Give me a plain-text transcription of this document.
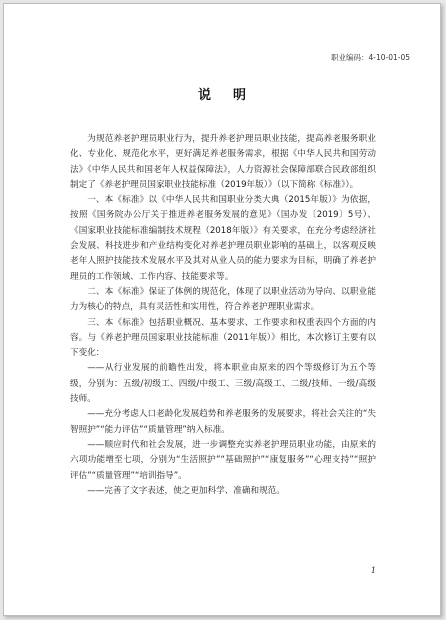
职业编码：4-10-01-05
说明

为规范养老护理员职业行为，提升养老护理员职业技能，提高养老服务职业化、专业化、规范化水平，更好满足养老服务需求，根据《中华人民共和国劳动法》《中华人民共和国老年人权益保障法》，人力资源社会保障部联合民政部组织制定了《养老护理员国家职业技能标准（2019年版）》（以下简称《标准》）。

一、本《标准》以《中华人民共和国职业分类大典（2015年版）》为依据，按照《国务院办公厅关于推进养老服务发展的意见》（国办发〔2019〕5号）、《国家职业技能标准编制技术规程（2018年版）》有关要求，在充分考虑经济社会发展、科技进步和产业结构变化对养老护理员职业影响的基础上，以客观反映老年人照护技能技术发展水平及其对从业人员的能力要求为目标，明确了养老护理员的工作领域、工作内容、技能要求等。

二、本《标准》保证了体例的规范化，体现了以职业活动为导向、以职业能力为核心的特点，具有灵活性和实用性，符合养老护理职业需求。

三、本《标准》包括职业概况、基本要求、工作要求和权重表四个方面的内容。与《养老护理员国家职业技能标准（2011年版）》相比，本次修订主要有以下变化：

——从行业发展的前瞻性出发，将本职业由原来的四个等级修订为五个等级，分别为：五级/初级工、四级/中级工、三级/高级工、二级/技师、一级/高级技师。

——充分考虑人口老龄化发展趋势和养老服务的发展要求，将社会关注的“失智照护”“能力评估”“质量管理”纳入标准。

——顺应时代和社会发展，进一步调整充实养老护理员职业功能，由原来的六项功能增至七项，分别为“生活照护”“基础照护”“康复服务”“心理支持”“照护评估”“质量管理”“培训指导”。

——完善了文字表述，使之更加科学、准确和规范。

1
